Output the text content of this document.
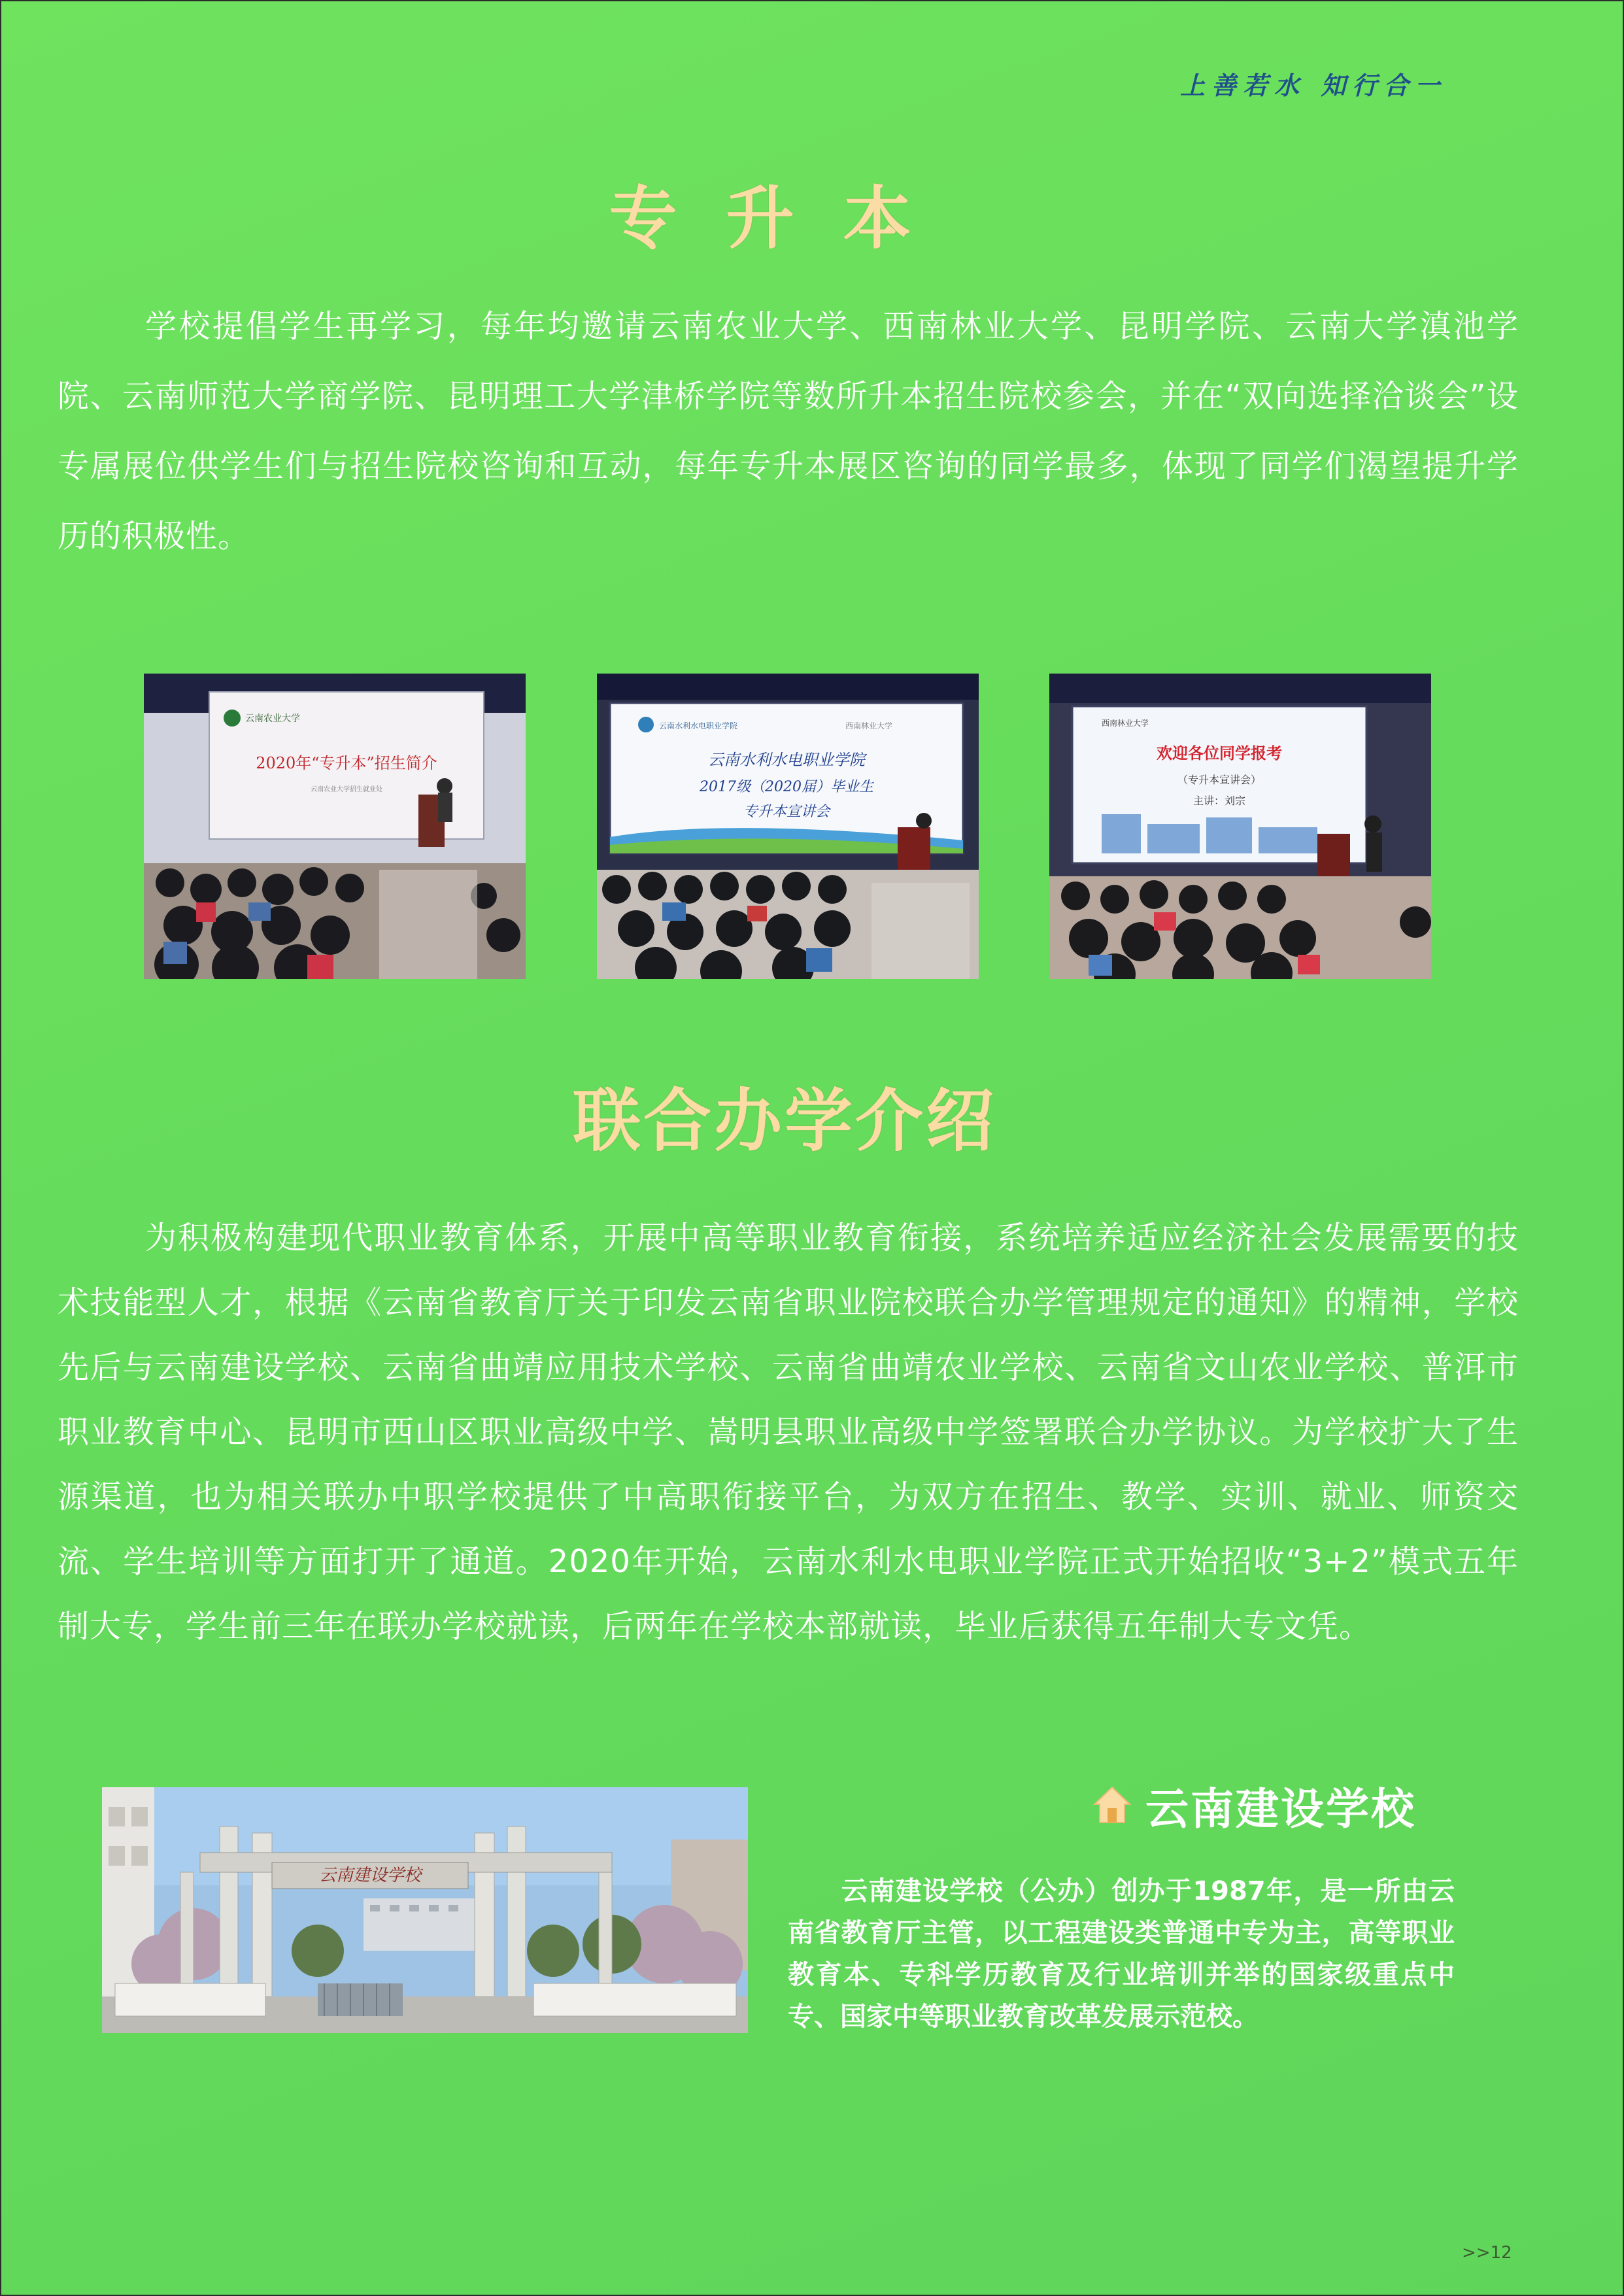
上善若水 知行合一
专升本
学校提倡学生再学习，每年均邀请云南农业大学、西南林业大学、昆明学院、云南大学滇池学院、云南师范大学商学院、昆明理工大学津桥学院等数所升本招生院校参会，并在“双向选择洽谈会”设专属展位供学生们与招生院校咨询和互动，每年专升本展区咨询的同学最多，体现了同学们渴望提升学历的积极性。
云南农业大学
2020年“专升本”招生简介
云南农业大学招生就业处
云南水利水电职业学院	西南林业大学
云南水利水电职业学院
2017级（2020届）毕业生
专升本宣讲会
西南林业大学
欢迎各位同学报考
（专升本宣讲会）
主讲：刘宗
联合办学介绍
为积极构建现代职业教育体系，开展中高等职业教育衔接，系统培养适应经济社会发展需要的技术技能型人才，根据《云南省教育厅关于印发云南省职业院校联合办学管理规定的通知》的精神，学校先后与云南建设学校、云南省曲靖应用技术学校、云南省曲靖农业学校、云南省文山农业学校、普洱市职业教育中心、昆明市西山区职业高级中学、嵩明县职业高级中学签署联合办学协议。为学校扩大了生源渠道，也为相关联办中职学校提供了中高职衔接平台，为双方在招生、教学、实训、就业、师资交流、学生培训等方面打开了通道。2020年开始，云南水利水电职业学院正式开始招收“3+2”模式五年制大专，学生前三年在联办学校就读，后两年在学校本部就读，毕业后获得五年制大专文凭。
云南建设学校
云南建设学校
云南建设学校（公办）创办于1987年，是一所由云南省教育厅主管，以工程建设类普通中专为主，高等职业教育本、专科学历教育及行业培训并举的国家级重点中专、国家中等职业教育改革发展示范校。
>>12
